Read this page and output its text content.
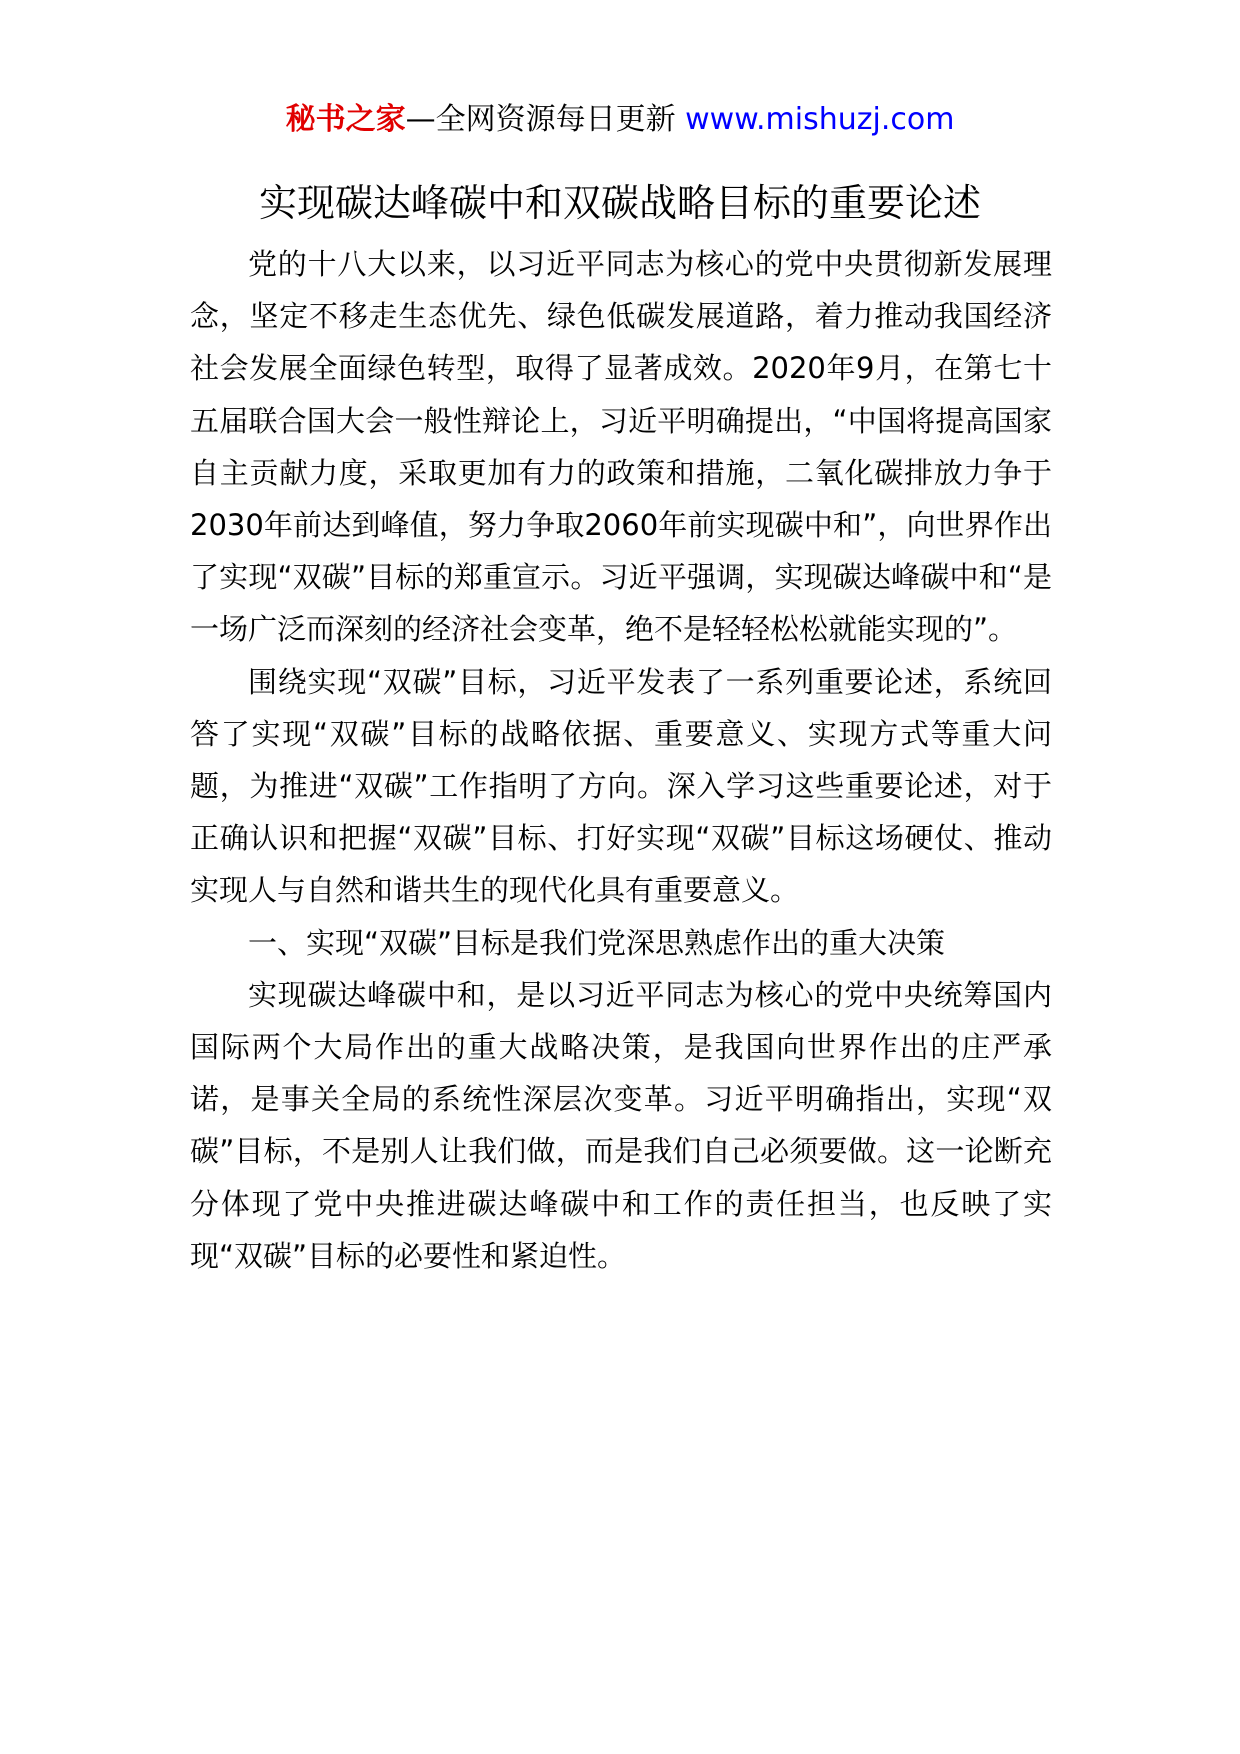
秘书之家—全网资源每日更新 www.mishuzj.com
实现碳达峰碳中和双碳战略目标的重要论述

党的十八大以来，以习近平同志为核心的党中央贯彻新发展理念，坚定不移走生态优先、绿色低碳发展道路，着力推动我国经济社会发展全面绿色转型，取得了显著成效。2020年9月，在第七十五届联合国大会一般性辩论上，习近平明确提出，“中国将提高国家自主贡献力度，采取更加有力的政策和措施，二氧化碳排放力争于2030年前达到峰值，努力争取2060年前实现碳中和”，向世界作出了实现“双碳”目标的郑重宣示。习近平强调，实现碳达峰碳中和“是一场广泛而深刻的经济社会变革，绝不是轻轻松松就能实现的”。

围绕实现“双碳”目标，习近平发表了一系列重要论述，系统回答了实现“双碳”目标的战略依据、重要意义、实现方式等重大问题，为推进“双碳”工作指明了方向。深入学习这些重要论述，对于正确认识和把握“双碳”目标、打好实现“双碳”目标这场硬仗、推动实现人与自然和谐共生的现代化具有重要意义。

一、实现“双碳”目标是我们党深思熟虑作出的重大决策

实现碳达峰碳中和，是以习近平同志为核心的党中央统筹国内国际两个大局作出的重大战略决策，是我国向世界作出的庄严承诺，是事关全局的系统性深层次变革。习近平明确指出，实现“双碳”目标，不是别人让我们做，而是我们自己必须要做。这一论断充分体现了党中央推进碳达峰碳中和工作的责任担当，也反映了实现“双碳”目标的必要性和紧迫性。
